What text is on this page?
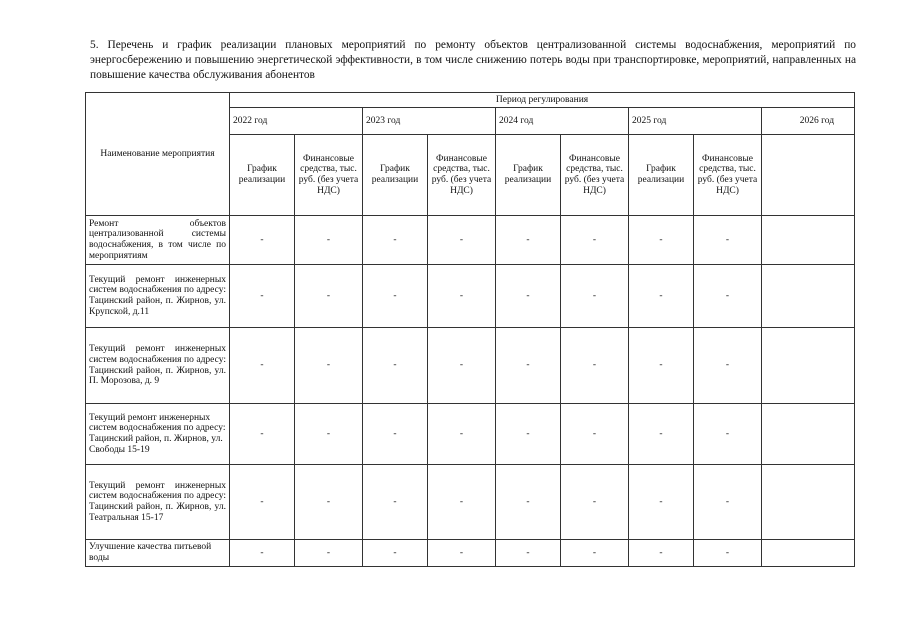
5. Перечень и график реализации плановых мероприятий по ремонту объектов централизованной системы водоснабжения, мероприятий по энергосбережению и повышению энергетической эффективности, в том числе снижению потерь воды при транспортировке, мероприятий, направленных на повышение качества обслуживания абонентов
Наименование мероприятия	Период регулирования								
	2022 год		2023 год		2024 год		2025 год		2026 год
	График реализации	Финансовые средства, тыс. руб. (без учета НДС)	График реализации	Финансовые средства, тыс. руб. (без учета НДС)	График реализации	Финансовые средства, тыс. руб. (без учета НДС)	График реализации	Финансовые средства, тыс. руб. (без учета НДС)	
Ремонт объектов централизованной системы водоснабжения, в том числе по мероприятиям	-	-	-	-	-	-	-	-	
Текущий ремонт инженерных систем водоснабжения по адресу: Тацинский район, п. Жирнов, ул. Крупской, д.11	-	-	-	-	-	-	-	-	
Текущий ремонт инженерных систем водоснабжения по адресу: Тацинский район, п. Жирнов, ул. П. Морозова, д. 9	-	-	-	-	-	-	-	-	
Текущий ремонт инженерных систем водоснабжения по адресу: Тацинский район, п. Жирнов, ул. Свободы 15-19	-	-	-	-	-	-	-	-	
Текущий ремонт инженерных систем водоснабжения по адресу: Тацинский район, п. Жирнов, ул. Театральная 15-17	-	-	-	-	-	-	-	-	
Улучшение качества питьевой воды	-	-	-	-	-	-	-	-	
